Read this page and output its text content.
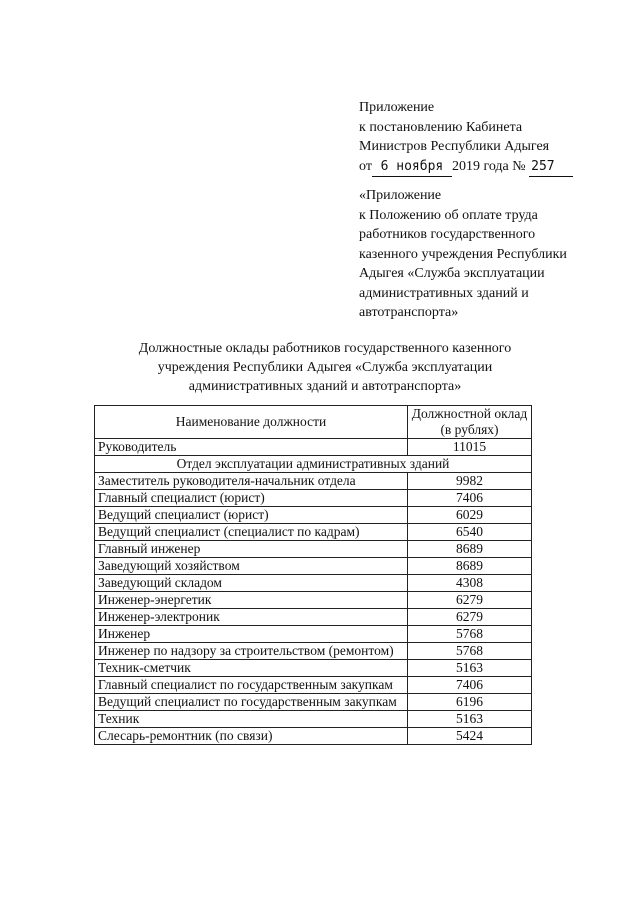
Приложение
к постановлению Кабинета
Министров Республики Адыгея
от 6 ноября 2019 года № 257
«Приложение
к Положению об оплате труда
работников государственного
казенного учреждения Республики
Адыгея «Служба эксплуатации
административных зданий и
автотранспорта»
Должностные оклады работников государственного казенного
учреждения Республики Адыгея «Служба эксплуатации
административных зданий и автотранспорта»
Наименование должности	Должностной оклад
(в рублях)

Руководитель	11015
Отдел эксплуатации административных зданий	
Заместитель руководителя-начальник отдела	9982
Главный специалист (юрист)	7406
Ведущий специалист (юрист)	6029
Ведущий специалист (специалист по кадрам)	6540
Главный инженер	8689
Заведующий хозяйством	8689
Заведующий складом	4308
Инженер-энергетик	6279
Инженер-электроник	6279
Инженер	5768
Инженер по надзору за строительством (ремонтом)	5768
Техник-сметчик	5163
Главный специалист по государственным закупкам	7406
Ведущий специалист по государственным закупкам	6196
Техник	5163
Слесарь-ремонтник (по связи)	5424
